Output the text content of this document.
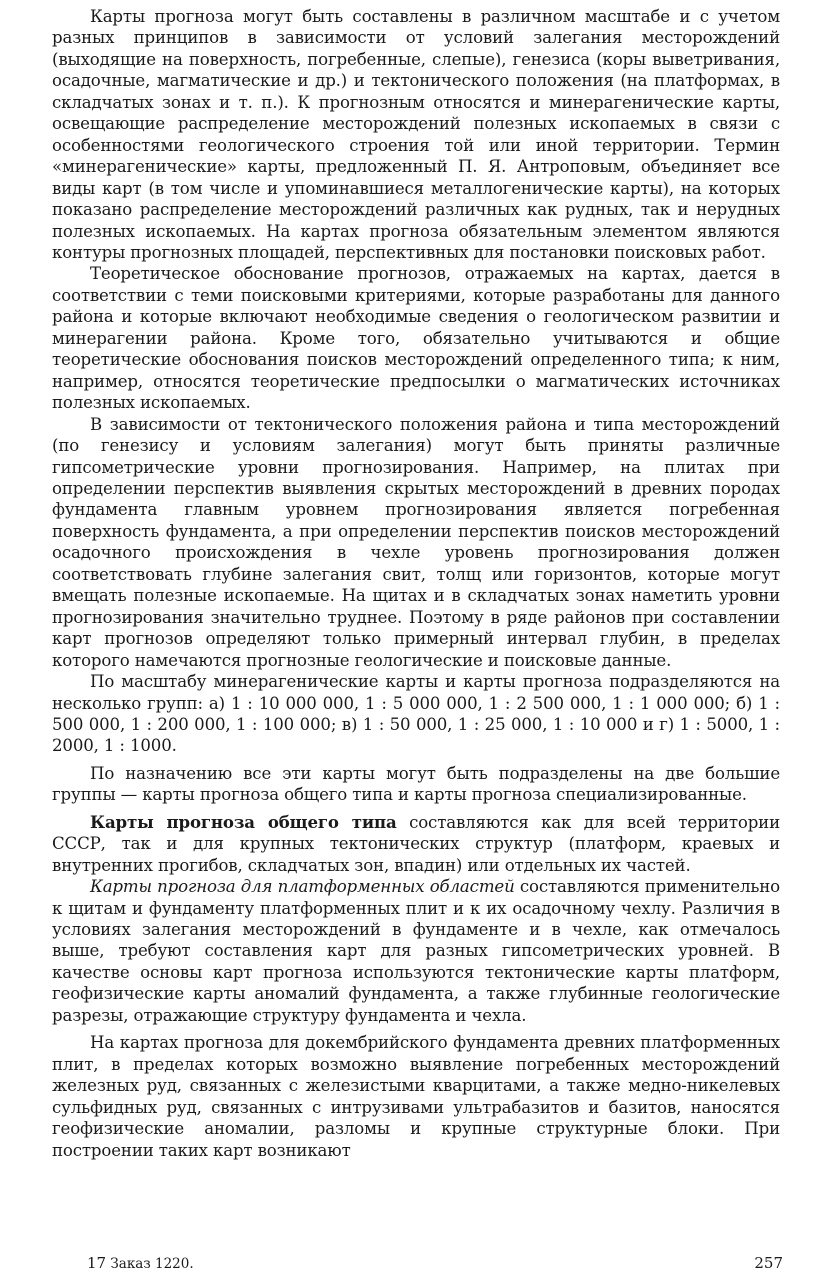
Карты прогноза могут быть составлены в различном масштабе и с учетом разных принципов в зависимости от условий залегания месторождений (выходящие на поверхность, погребенные, слепые), генезиса (коры выветривания, осадочные, магматические и др.) и тектонического положения (на платформах, в складчатых зонах и т. п.). К прогнозным относятся и минерагенические карты, освещающие распределение месторождений полезных ископаемых в связи с особенностями геологического строения той или иной территории. Термин «минерагенические» карты, предложенный П. Я. Антроповым, объединяет все виды карт (в том числе и упоминавшиеся металлогенические карты), на которых показано распределение месторождений различных как рудных, так и нерудных полезных ископаемых. На картах прогноза обязательным элементом являются контуры прогнозных площадей, перспективных для постановки поисковых работ.

Теоретическое обоснование прогнозов, отражаемых на картах, дается в соответствии с теми поисковыми критериями, которые разработаны для данного района и которые включают необходимые сведения о геологическом развитии и минерагении района. Кроме того, обязательно учитываются и общие теоретические обоснования поисков месторождений определенного типа; к ним, например, относятся теоретические предпосылки о магматических источниках полезных ископаемых.

В зависимости от тектонического положения района и типа месторождений (по генезису и условиям залегания) могут быть приняты различные гипсометрические уровни прогнозирования. Например, на плитах при определении перспектив выявления скрытых месторождений в древних породах фундамента главным уровнем прогнозирования является погребенная поверхность фундамента, а при определении перспектив поисков месторождений осадочного происхождения в чехле уровень прогнозирования должен соответствовать глубине залегания свит, толщ или горизонтов, которые могут вмещать полезные ископаемые. На щитах и в складчатых зонах наметить уровни прогнозирования значительно труднее. Поэтому в ряде районов при составлении карт прогнозов определяют только примерный интервал глубин, в пределах которого намечаются прогнозные геологические и поисковые данные.

По масштабу минерагенические карты и карты прогноза подразделяются на несколько групп: а) 1 : 10 000 000, 1 : 5 000 000, 1 : 2 500 000, 1 : 1 000 000; б) 1 : 500 000, 1 : 200 000, 1 : 100 000; в) 1 : 50 000, 1 : 25 000, 1 : 10 000 и г) 1 : 5000, 1 : 2000, 1 : 1000.

По назначению все эти карты могут быть подразделены на две большие группы — карты прогноза общего типа и карты прогноза специализированные.

Карты прогноза общего типа составляются как для всей территории СССР, так и для крупных тектонических структур (платформ, краевых и внутренних прогибов, складчатых зон, впадин) или отдельных их частей.

Карты прогноза для платформенных областей составляются применительно к щитам и фундаменту платформенных плит и к их осадочному чехлу. Различия в условиях залегания месторождений в фундаменте и в чехле, как отмечалось выше, требуют составления карт для разных гипсометрических уровней. В качестве основы карт прогноза используются тектонические карты платформ, геофизические карты аномалий фундамента, а также глубинные геологические разрезы, отражающие структуру фундамента и чехла.

На картах прогноза для докембрийского фундамента древних платформенных плит, в пределах которых возможно выявление погребенных месторождений железных руд, связанных с железистыми кварцитами, а также медно-никелевых сульфидных руд, связанных с интрузивами ультрабазитов и базитов, наносятся геофизические аномалии, разломы и крупные структурные блоки. При построении таких карт возникают

17 Заказ 1220.	257
